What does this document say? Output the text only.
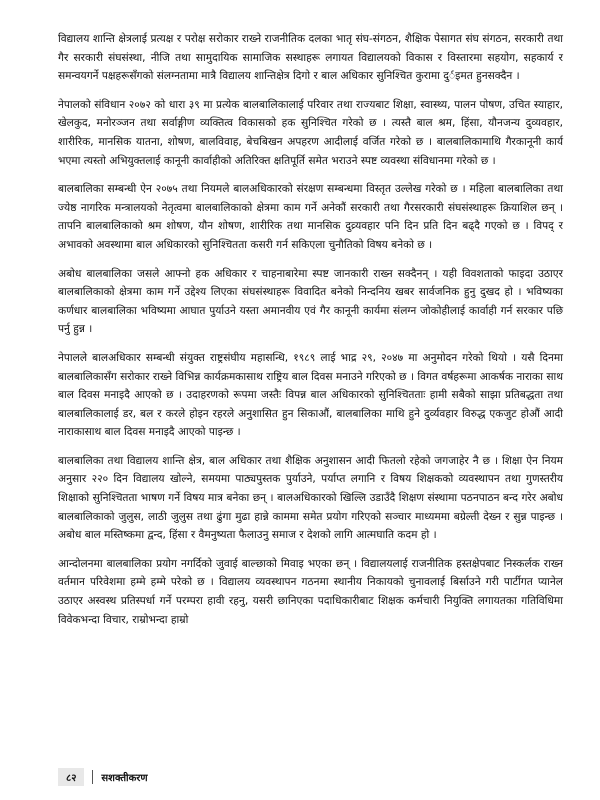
विद्यालय शान्ति क्षेत्रलाई प्रत्यक्ष र परोक्ष सरोकार राख्ने राजनीतिक दलका भातृ संघ-संगठन, शैक्षिक पेसागत संघ संगठन, सरकारी तथा गैर सरकारी संघसंस्था, नीजि तथा सामुदायिक सामाजिक सस्थाहरू लगायत विद्यालयको विकास र विस्तारमा सहयोग, सहकार्य र समन्वयगर्ने पक्षहरूसँगको संलग्नतामा मात्रै विद्यालय शान्तिक्षेत्र दिगो र बाल अधिकार सुनिश्चित कुरामा दुर्इमत हुनसक्दैन ।

नेपालको संविधान २०७२ को धारा ३९ मा प्रत्येक बालबालिकालाई परिवार तथा राज्यबाट शिक्षा, स्वास्थ्य, पालन पोषण, उचित स्याहार, खेलकुद, मनोरञ्जन तथा सर्वाङ्गीण व्यक्तित्व विकासको हक सुनिश्चित गरेको छ । त्यस्तै बाल श्रम, हिंसा, यौनजन्य दुव्यवहार, शारीरिक, मानसिक यातना, शोषण, बालविवाह, बेचबिखन अपहरण आदीलाई वर्जित गरेको छ । बालबालिकामाथि गैरकानूनी कार्य भएमा त्यस्तो अभियुक्तलाई कानूनी कार्वाहीको अतिरिक्त क्षतिपूर्ति समेत भराउने स्पष्ट व्यवस्था संविधानमा गरेको छ ।

बालबालिका सम्बन्धी ऐन २०७५ तथा नियमले बालअधिकारको संरक्षण सम्बन्धमा विस्तृत उल्लेख गरेको छ । महिला बालबालिका तथा ज्येष्ठ नागरिक मन्त्रालयको नेतृत्वमा बालबालिकाको क्षेत्रमा काम गर्ने अनेकौं सरकारी तथा गैरसरकारी संघसंस्थाहरू क्रियाशिल छन् । तापनि बालबालिकाको श्रम शोषण, यौन शोषण, शारीरिक तथा मानसिक दुव्र्यवहार पनि दिन प्रति दिन बढ्दै गएको छ । विपद् र अभावको अवस्थामा बाल अधिकारको सुनिश्चितता कसरी गर्न सकिएला चुनौतिको विषय बनेको छ ।

अबोध बालबालिका जसले आफ्नो हक अधिकार र चाहनाबारेमा स्पष्ट जानकारी राख्न सक्दैनन् । यही विवशताको फाइदा उठाएर बालबालिकाको क्षेत्रमा काम गर्ने उद्देश्य लिएका संघसंस्थाहरू विवादित बनेको निन्दनिय खबर सार्वजनिक हुनु दुखद हो । भविष्यका कर्णधार बालबालिका भविष्यमा आघात पुर्याउने यस्ता अमानवीय एवं गैर कानूनी कार्यमा संलग्न जोकोहीलाई कार्वाही गर्न सरकार पछि पर्नु हुन्न ।

नेपालले बालअधिकार सम्बन्धी संयुक्त राष्ट्रसंघीय महासन्धि, १९८९ लाई भाद्र २९, २०४७ मा अनुमोदन गरेको थियो । यसै दिनमा बालबालिकासँग सरोकार राख्ने विभिन्न कार्यक्रमकासाथ राष्ट्रिय बाल दिवस मनाउने गरिएको छ । विगत वर्षहरूमा आकर्षक नाराका साथ बाल दिवस मनाइदै आएको छ । उदाहरणको रूपमा जस्तैः विपन्न बाल अधिकारको सुनिश्चितताः हामी सबैको साझा प्रतिबद्धता तथा बालबालिकालाई डर, बल र करले होइन रहरले अनुशासित हुन सिकाऔं, बालबालिका माथि हुने दुर्व्यवहार विरुद्ध एकजुट होऔं आदी नाराकासाथ बाल दिवस मनाइदै आएको पाइन्छ ।

बालबालिका तथा विद्यालय शान्ति क्षेत्र, बाल अधिकार तथा शैक्षिक अनुशासन आदी फितलो रहेको जगजाहेर नै छ । शिक्षा ऐन नियम अनुसार २२० दिन विद्यालय खोल्ने, समयमा पाठ्यपुस्तक पुर्याउने, पर्याप्त लगानि र विषय शिक्षकको व्यवस्थापन तथा गुणस्तरीय शिक्षाको सुनिश्चितता भाषण गर्ने विषय मात्र बनेका छन् । बालअधिकारको खिल्लि उडाउँदै शिक्षण संस्थामा पठनपाठन बन्द गरेर अबोध बालबालिकाको जुलुस, लाठी जुलुस तथा ढुंगा मुढा हान्ने काममा समेत प्रयोग गरिएको सञ्चार माध्यममा बग्रेल्ती देख्न र सुन्न पाइन्छ । अबोध बाल मस्तिष्कमा द्वन्द, हिंसा र वैमनुष्यता फैलाउनु समाज र देशको लागि आत्मघाति कदम हो ।

आन्दोलनमा बालबालिका प्रयोग नगर्दिको जुवाई बाल्छाको मिवाइ भएका छन् । विद्यालयलाई राजनीतिक हस्तक्षेपबाट निस्कर्लक राख्न वर्तमान परिवेशमा हम्मे हम्मे परेको छ । विद्यालय व्यवस्थापन गठनमा स्थानीय निकायको चुनावलाई बिर्साउने गरी पार्टीगत प्यानेल उठाएर अस्वस्थ प्रतिस्पर्धा गर्ने परम्परा हावी रहनु, यसरी छानिएका पदाधिकारीबाट शिक्षक कर्मचारी नियुक्ति लगायतका गतिविधिमा विवेकभन्दा विचार, राम्रोभन्दा हाम्रो

८२	सशक्तीकरण
